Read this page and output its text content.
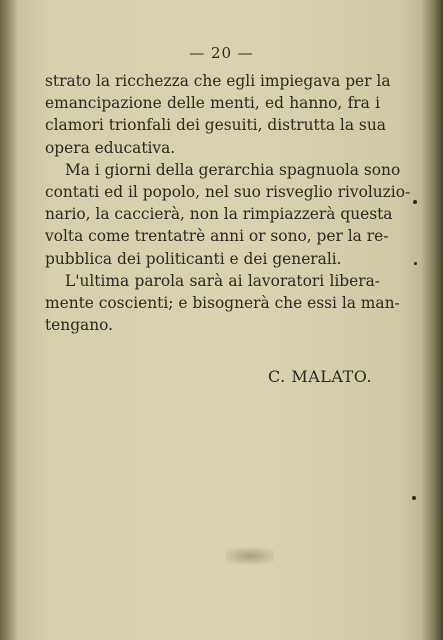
— 20 —
strato la ricchezza che egli impiegava per la
emancipazione delle menti, ed hanno, fra i
clamori trionfali dei gesuiti, distrutta la sua
opera educativa.
Ma i giorni della gerarchia spagnuola sono
contati ed il popolo, nel suo risveglio rivoluzio-
nario, la caccierà, non la rimpiazzerà questa
volta come trentatrè anni or sono, per la re-
pubblica dei politicanti e dei generali.
L'ultima parola sarà ai lavoratori libera-
mente coscienti; e bisognerà che essi la man-
tengano.
C. MALATO.
